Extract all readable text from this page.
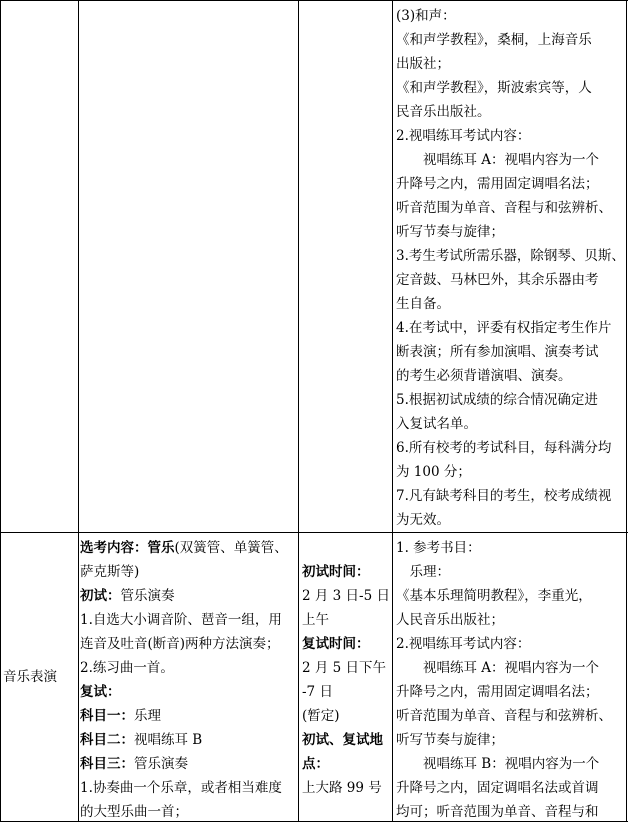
(3)和声：
《和声学教程》，桑桐，上海音乐
出版社；
《和声学教程》，斯波索宾等，人
民音乐出版社。
2.视唱练耳考试内容：
　　视唱练耳 A：视唱内容为一个
升降号之内，需用固定调唱名法；
听音范围为单音、音程与和弦辨析、
听写节奏与旋律；
3.考生考试所需乐器，除钢琴、贝斯、
定音鼓、马林巴外，其余乐器由考
生自备。
4.在考试中，评委有权指定考生作片
断表演；所有参加演唱、演奏考试
的考生必须背谱演唱、演奏。
5.根据初试成绩的综合情况确定进
入复试名单。
6.所有校考的考试科目，每科满分均
为 100 分；
7.凡有缺考科目的考生，校考成绩视
为无效。
音乐表演
选考内容：管乐(双簧管、单簧管、
萨克斯等)
初试：管乐演奏
1.自选大小调音阶、琶音一组，用
连音及吐音(断音)两种方法演奏；
2.练习曲一首。
复试：
科目一：乐理
科目二：视唱练耳 B
科目三：管乐演奏
1.协奏曲一个乐章，或者相当难度
的大型乐曲一首；
初试时间：
2 月 3 日-5 日
上午
复试时间：
2 月 5 日下午
-7 日
(暂定)
初试、复试地
点：
上大路 99 号
1. 参考书目：
　乐理：
《基本乐理简明教程》，李重光，
人民音乐出版社；
2.视唱练耳考试内容：
　　视唱练耳 A：视唱内容为一个
升降号之内，需用固定调唱名法；
听音范围为单音、音程与和弦辨析、
听写节奏与旋律；
　　视唱练耳 B：视唱内容为一个
升降号之内，固定调唱名法或首调
均可；听音范围为单音、音程与和
